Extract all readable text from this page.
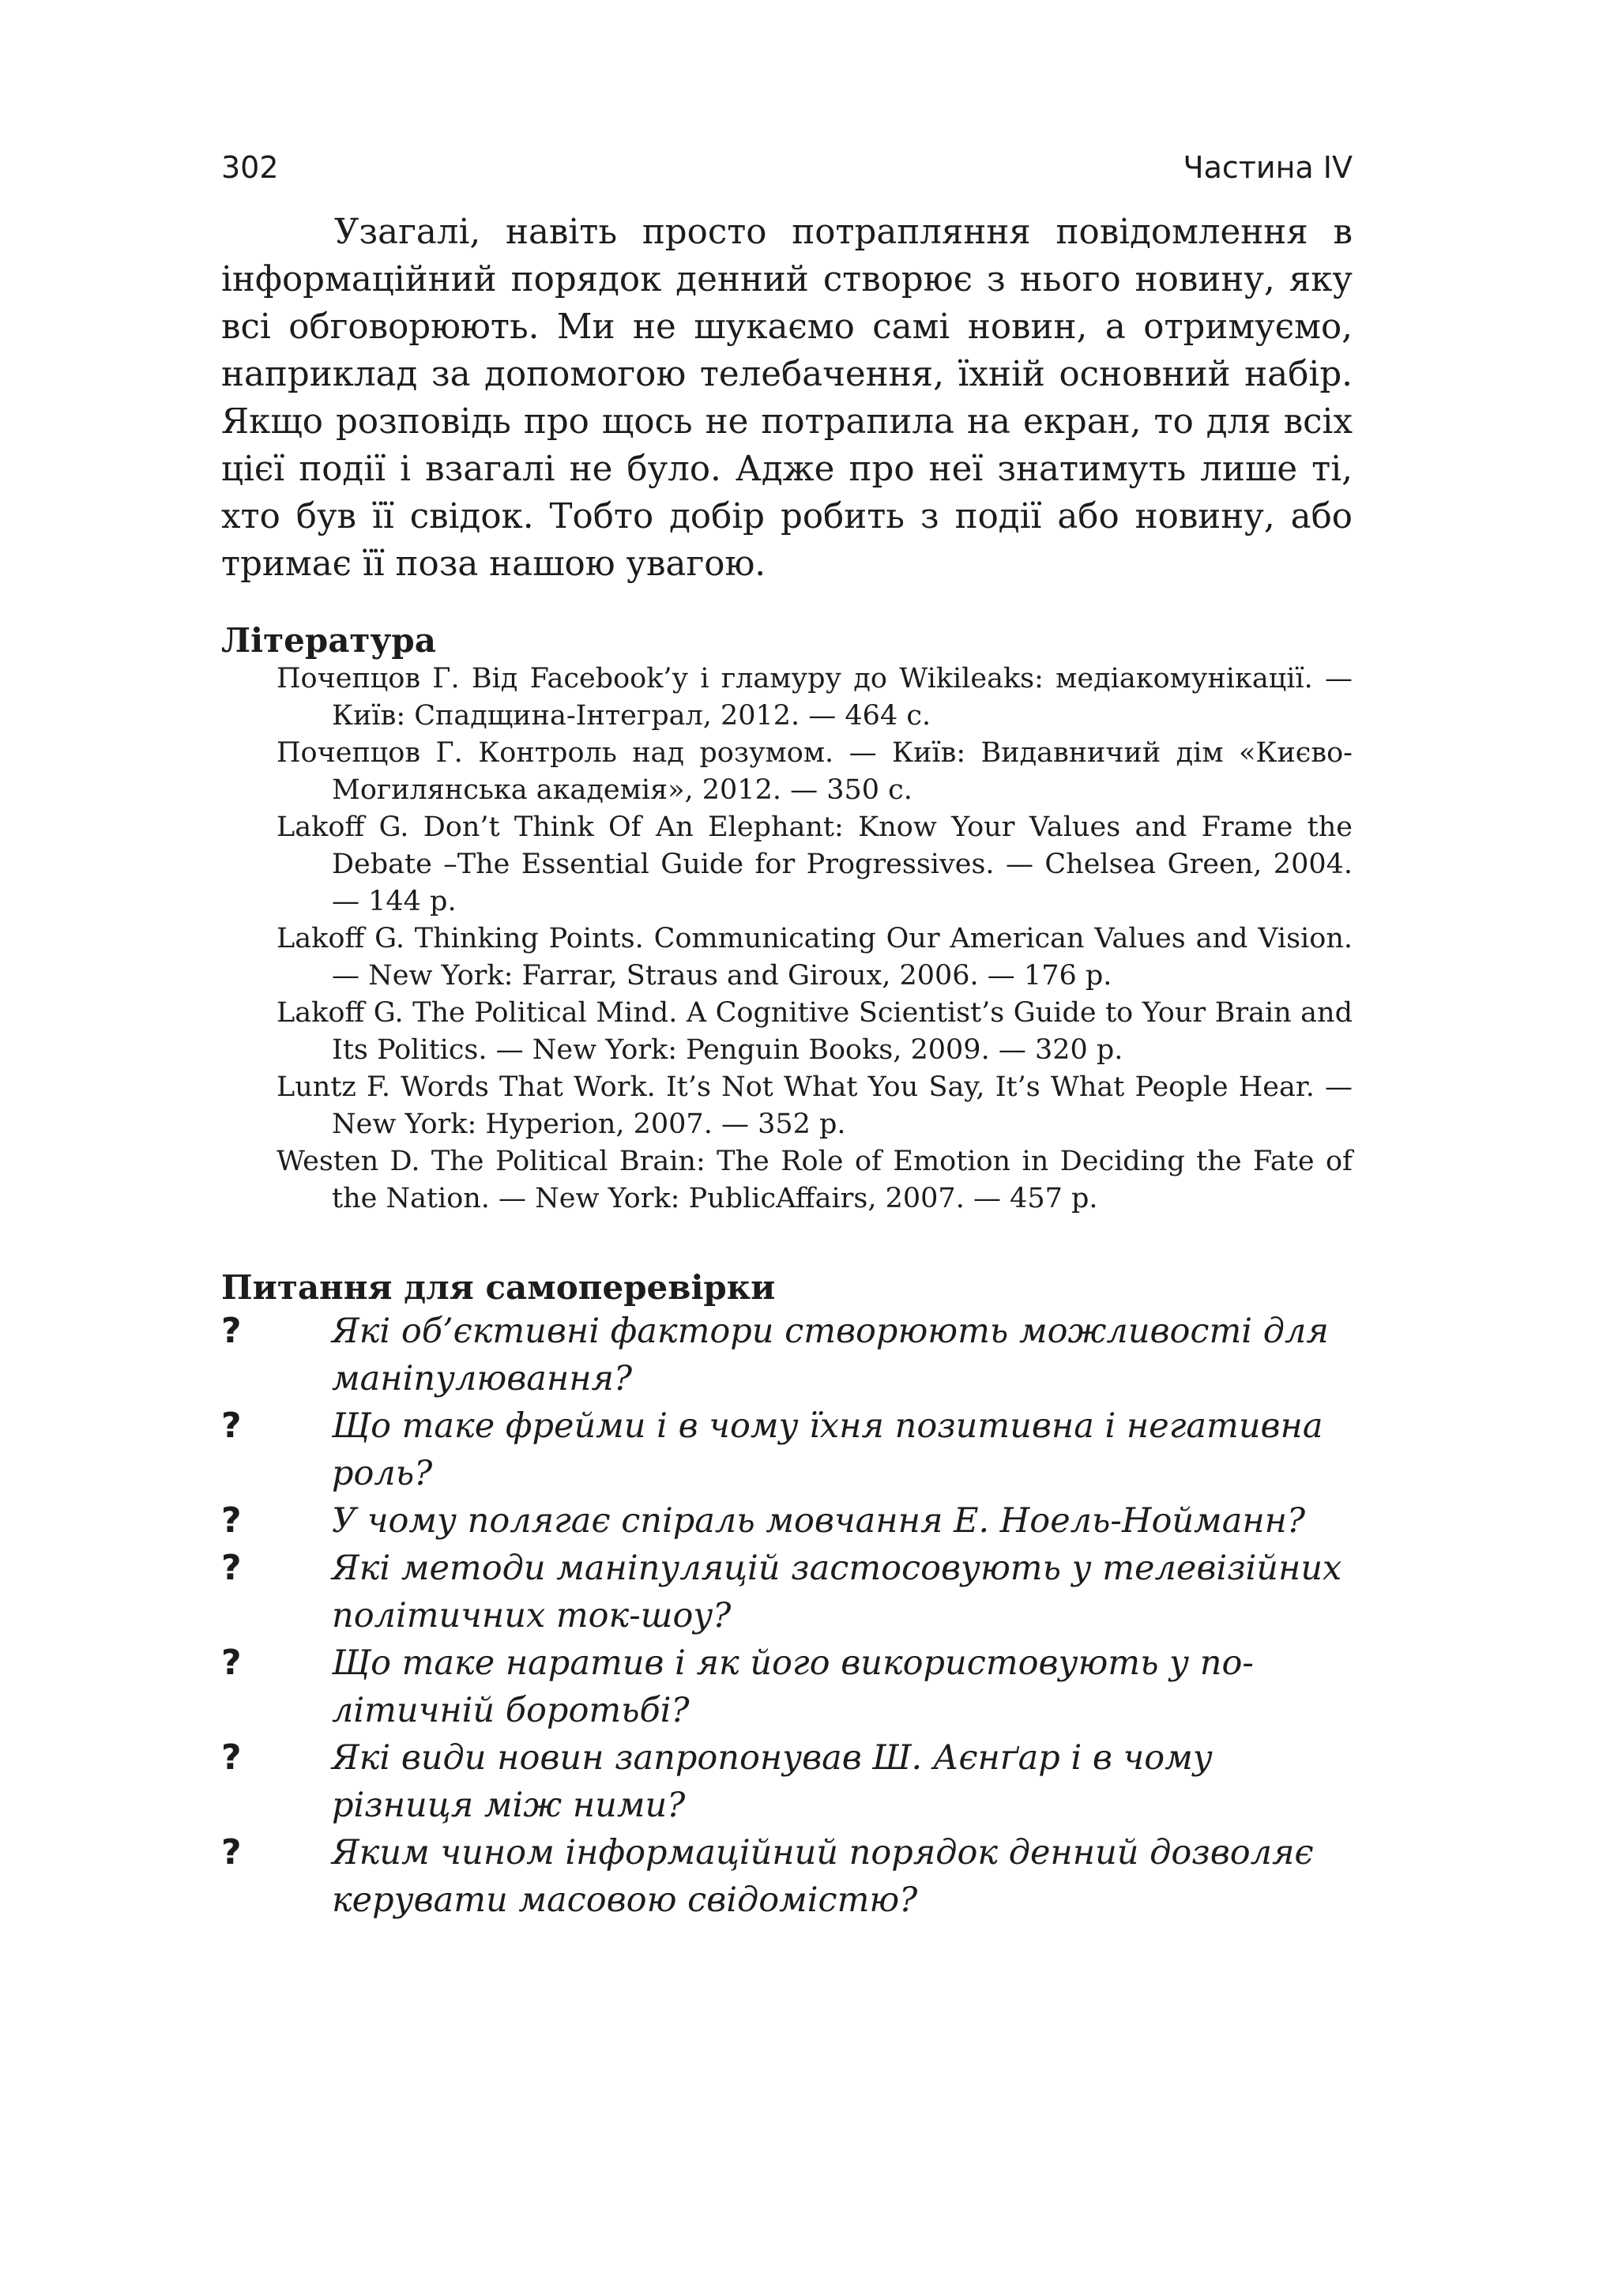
302	Частина IV

Узагалі, навіть просто потрапляння повідомлення в інформаційний порядок денний створює з нього новину, яку всі обговорюють. Ми не шукаємо самі новин, а отримуємо, наприклад за допомогою телебачення, їхній основний набір. Якщо розповідь про щось не потрапила на екран, то для всіх цієї події і взагалі не було. Адже про неї знатимуть лише ті, хто був її свідок. Тобто добір робить з події або новину, або тримає її поза нашою увагою.

Література
Почепцов Г. Від Facebook’у і гламуру до Wikileaks: медіакомунікації. — Київ: Спадщина-Інтеграл, 2012. — 464 с.
Почепцов Г. Контроль над розумом. — Київ: Видавничий дім «Києво-Могилянська академія», 2012. — 350 с.
Lakoff G. Don’t Think Of An Elephant: Know Your Values and Frame the Debate –The Essential Guide for Progressives. — Chelsea Green, 2004. — 144 p.
Lakoff G. Thinking Points. Communicating Our American Values and Vision. — New York: Farrar, Straus and Giroux, 2006. — 176 p.
Lakoff G. The Political Mind. A Cognitive Scientist’s Guide to Your Brain and Its Politics. — New York: Penguin Books, 2009. — 320 p.
Luntz F. Words That Work. It’s Not What You Say, It’s What People Hear. — New York: Hyperion, 2007. — 352 p.
Westen D. The Political Brain: The Role of Emotion in Deciding the Fate of the Nation. — New York: PublicAffairs, 2007. — 457 p.
Питання для самоперевірки
?	Які об’єктивні фактори створюють можливості для маніпулювання?
?	Що таке фрейми і в чому їхня позитивна і негативна роль?
?	У чому полягає спіраль мовчання Е. Ноель-Нойманн?
?	Які методи маніпуляцій застосовують у телевізійних політичних ток-шоу?
?	Що таке наратив і як його використовують у політичній боротьбі?
?	Які види новин запропонував Ш. Аєнґар і в чому різниця між ними?
?	Яким чином інформаційний порядок денний дозволяє керувати масовою свідомістю?
